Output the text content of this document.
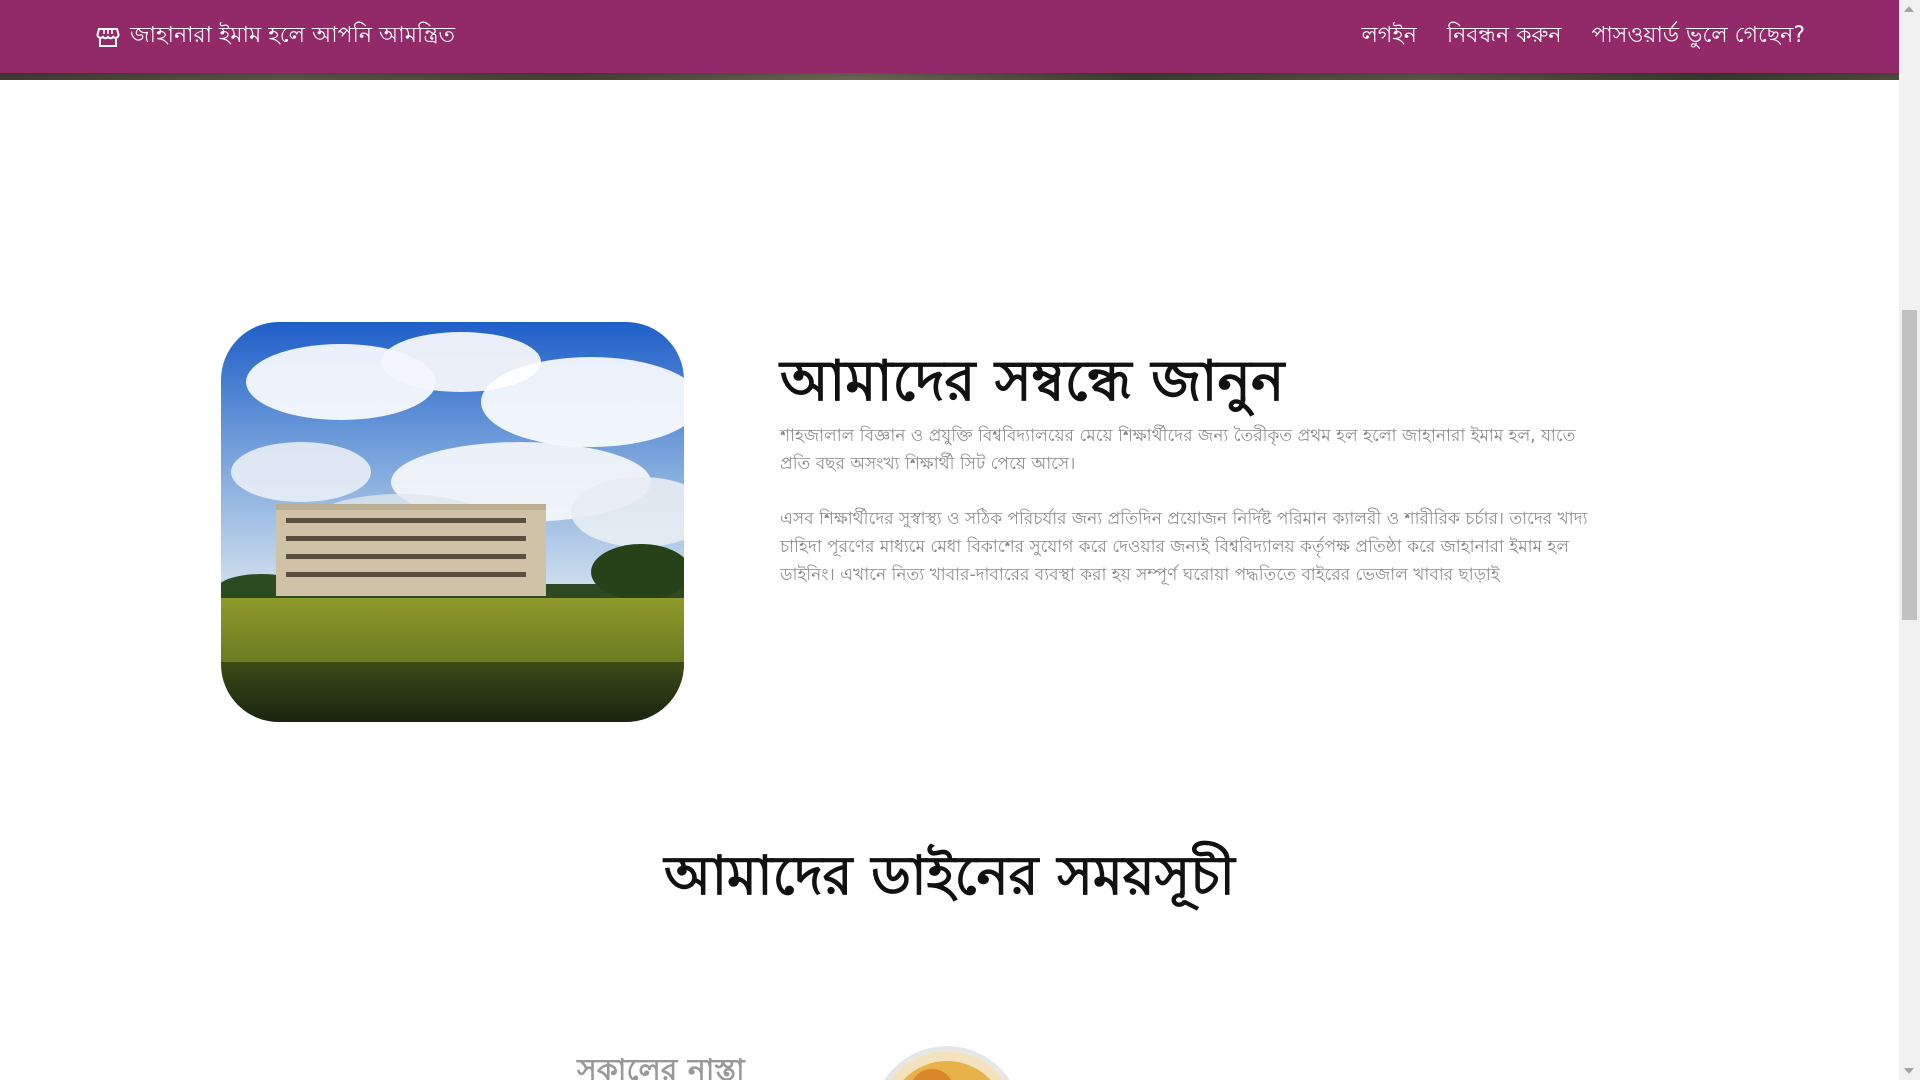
জাহানারা ইমাম হলে আপনি আমন্ত্রিত	লগইন নিবন্ধন করুন পাসওয়ার্ড ভুলে গেছেন?
আমাদের সম্বন্ধে জানুন

শাহজালাল বিজ্ঞান ও প্রযুক্তি বিশ্ববিদ্যালয়ের মেয়ে শিক্ষার্থীদের জন্য তৈরীকৃত প্রথম হল হলো জাহানারা ইমাম হল, যাতে প্রতি বছর অসংখ্য শিক্ষার্থী সিট পেয়ে আসে।

এসব শিক্ষার্থীদের সুস্বাস্থ্য ও সঠিক পরিচর্যার জন্য প্রতিদিন প্রয়োজন নির্দিষ্ট পরিমান ক্যালরী ও শারীরিক চর্চার। তাদের খাদ্য চাহিদা পূরণের মাধ্যমে মেধা বিকাশের সুযোগ করে দেওয়ার জন্যই বিশ্ববিদ্যালয় কর্তৃপক্ষ প্রতিষ্ঠা করে জাহানারা ইমাম হল ডাইনিং। এখানে নিত্য খাবার-দাবারের ব্যবস্থা করা হয় সম্পূর্ণ ঘরোয়া পদ্ধতিতে বাইরের ভেজাল খাবার ছাড়াই

আমাদের ডাইনের সময়সূচী
সকালের নাস্তা
